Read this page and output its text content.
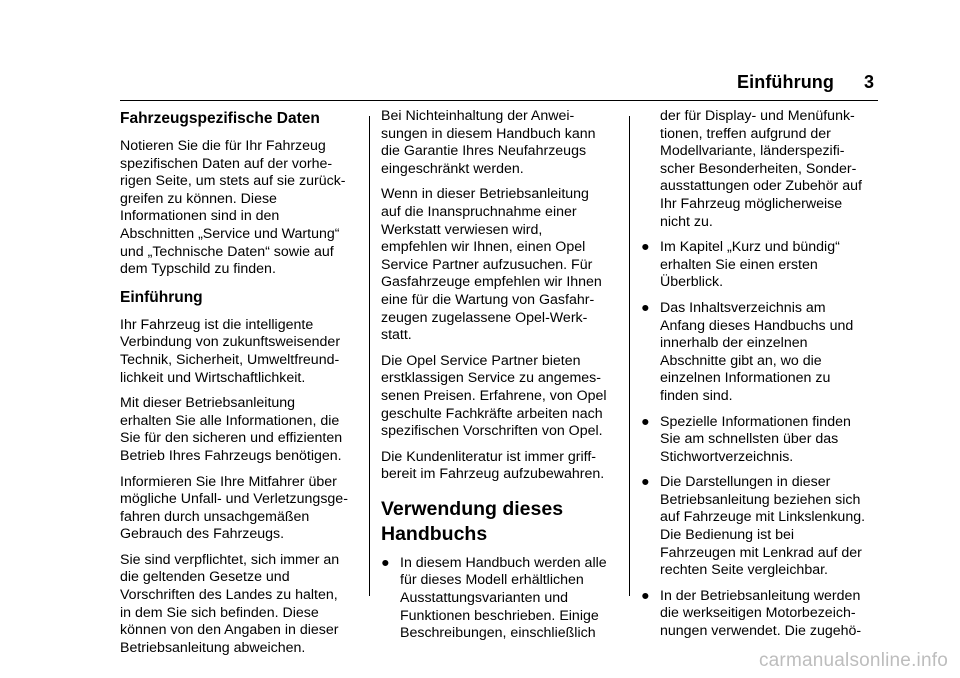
Einführung 3
Fahrzeugspezifische Daten

Notieren Sie die für Ihr Fahrzeug
spezifischen Daten auf der vorhe-
rigen Seite, um stets auf sie zurück-
greifen zu können. Diese
Informationen sind in den
Abschnitten „Service und Wartung“
und „Technische Daten“ sowie auf
dem Typschild zu finden.

Einführung

Ihr Fahrzeug ist die intelligente
Verbindung von zukunftsweisender
Technik, Sicherheit, Umweltfreund-
lichkeit und Wirtschaftlichkeit.

Mit dieser Betriebsanleitung
erhalten Sie alle Informationen, die
Sie für den sicheren und effizienten
Betrieb Ihres Fahrzeugs benötigen.

Informieren Sie Ihre Mitfahrer über
mögliche Unfall- und Verletzungsge-
fahren durch unsachgemäßen
Gebrauch des Fahrzeugs.

Sie sind verpflichtet, sich immer an
die geltenden Gesetze und
Vorschriften des Landes zu halten,
in dem Sie sich befinden. Diese
können von den Angaben in dieser
Betriebsanleitung abweichen.

Bei Nichteinhaltung der Anwei-
sungen in diesem Handbuch kann
die Garantie Ihres Neufahrzeugs
eingeschränkt werden.

Wenn in dieser Betriebsanleitung
auf die Inanspruchnahme einer
Werkstatt verwiesen wird,
empfehlen wir Ihnen, einen Opel
Service Partner aufzusuchen. Für
Gasfahrzeuge empfehlen wir Ihnen
eine für die Wartung von Gasfahr-
zeugen zugelassene Opel-Werk-
statt.

Die Opel Service Partner bieten
erstklassigen Service zu angemes-
senen Preisen. Erfahrene, von Opel
geschulte Fachkräfte arbeiten nach
spezifischen Vorschriften von Opel.

Die Kundenliteratur ist immer griff-
bereit im Fahrzeug aufzubewahren.

Verwendung dieses
Handbuchs
● In diesem Handbuch werden alle
für dieses Modell erhältlichen
Ausstattungsvarianten und
Funktionen beschrieben. Einige
Beschreibungen, einschließlich
der für Display- und Menüfunk-
tionen, treffen aufgrund der
Modellvariante, länderspezifi-
scher Besonderheiten, Sonder-
ausstattungen oder Zubehör auf
Ihr Fahrzeug möglicherweise
nicht zu.
● Im Kapitel „Kurz und bündig“
erhalten Sie einen ersten
Überblick.
● Das Inhaltsverzeichnis am
Anfang dieses Handbuchs und
innerhalb der einzelnen
Abschnitte gibt an, wo die
einzelnen Informationen zu
finden sind.
● Spezielle Informationen finden
Sie am schnellsten über das
Stichwortverzeichnis.
● Die Darstellungen in dieser
Betriebsanleitung beziehen sich
auf Fahrzeuge mit Linkslenkung.
Die Bedienung ist bei
Fahrzeugen mit Lenkrad auf der
rechten Seite vergleichbar.
● In der Betriebsanleitung werden
die werkseitigen Motorbezeich-
nungen verwendet. Die zugehö-
carmanualsonline.info
